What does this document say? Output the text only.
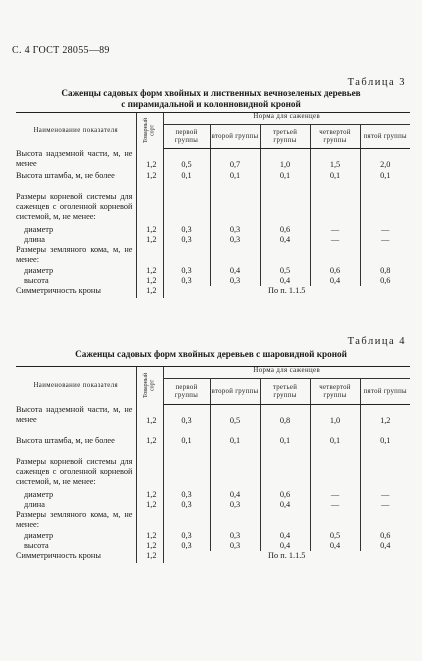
С. 4 ГОСТ 28055—89
Таблица 3
Саженцы садовых форм хвойных и лиственных вечнозеленых деревьев
с пирамидальной и колонновидной кроной
Наименование показателя	Товарный сорт	Норма для саженцев				
		первой группы	второй группы	третьей группы	четвертой группы	пятой группы
Высота надземной части, м, не менее	1,2	0,5	0,7	1,0	1,5	2,0
Высота штамба, м, не более	1,2	0,1	0,1	0,1	0,1	0,1
Размеры корневой системы для саженцев с оголенной корневой системой, м, не менее:						
диаметр	1,2	0,3	0,3	0,6	—	—
длина	1,2	0,3	0,3	0,4	—	—
Размеры земляного кома, м, не менее:						
диаметр	1,2	0,3	0,4	0,5	0,6	0,8
высота	1,2	0,3	0,3	0,4	0,4	0,6
Симметричность кроны	1,2	По п. 1.1.5				
Таблица 4
Саженцы садовых форм хвойных деревьев с шаровидной кроной
Наименование показателя	Товарный сорт	Норма для саженцев				
		первой группы	второй группы	третьей группы	четвертой группы	пятой группы
Высота надземной части, м, не менее	1,2	0,3	0,5	0,8	1,0	1,2
Высота штамба, м, не более	1,2	0,1	0,1	0,1	0,1	0,1
Размеры корневой системы для саженцев с оголенной корневой системой, м, не менее:						
диаметр	1,2	0,3	0,4	0,6	—	—
длина	1,2	0,3	0,3	0,4	—	—
Размеры земляного кома, м, не менее:						
диаметр	1,2	0,3	0,3	0,4	0,5	0,6
высота	1,2	0,3	0,3	0,4	0,4	0,4
Симметричность кроны	1,2	По п. 1.1.5				
